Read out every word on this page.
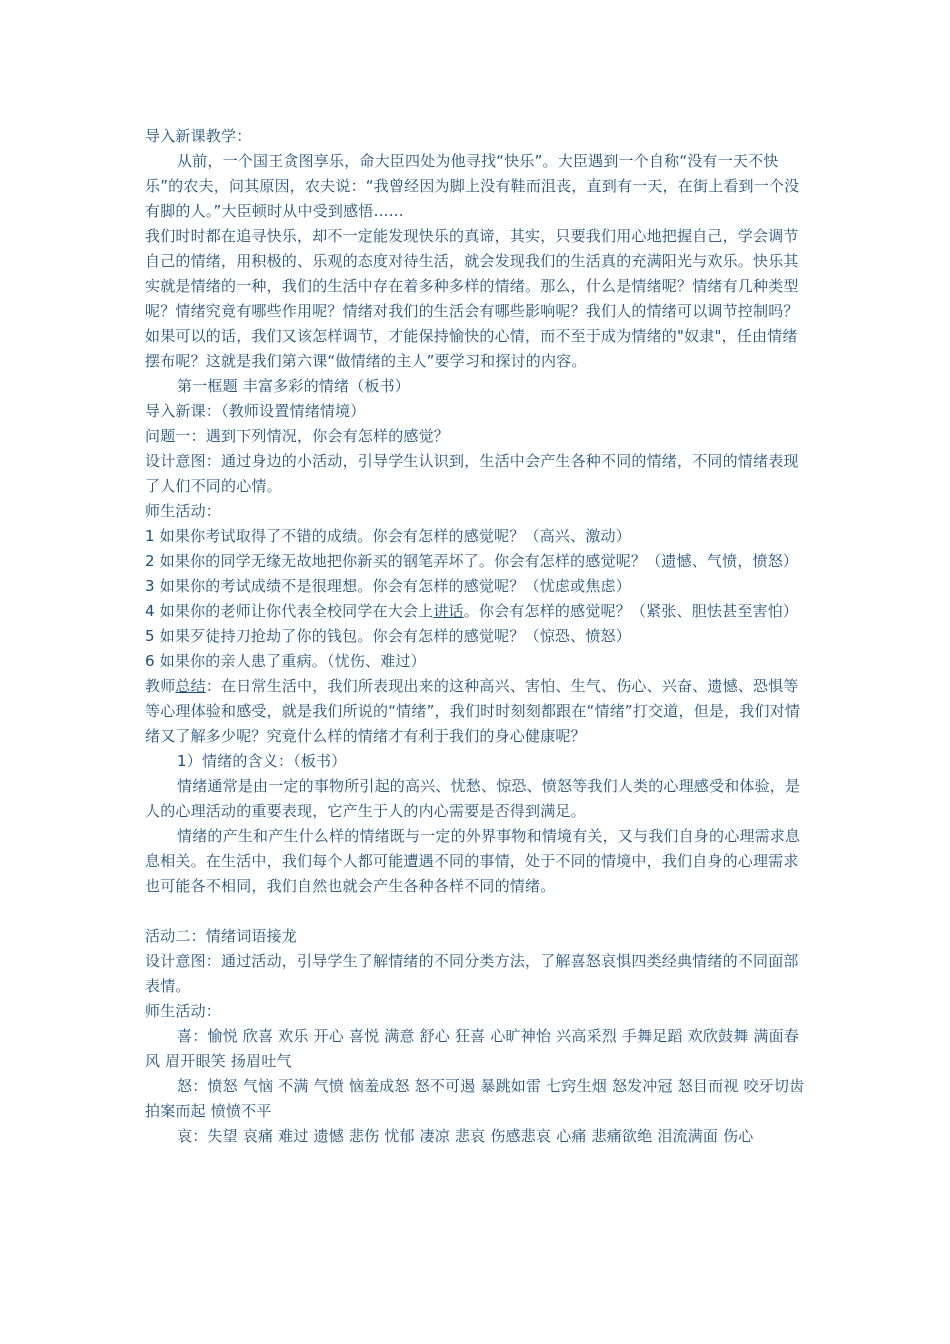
导入新课教学：

从前，一个国王贪图享乐，命大臣四处为他寻找“快乐”。大臣遇到一个自称“没有一天不快乐”的农夫，问其原因，农夫说：“我曾经因为脚上没有鞋而沮丧，直到有一天，在街上看到一个没有脚的人。”大臣顿时从中受到感悟……

我们时时都在追寻快乐，却不一定能发现快乐的真谛，其实，只要我们用心地把握自己，学会调节自己的情绪，用积极的、乐观的态度对待生活，就会发现我们的生活真的充满阳光与欢乐。快乐其实就是情绪的一种，我们的生活中存在着多种多样的情绪。那么，什么是情绪呢？情绪有几种类型呢？情绪究竟有哪些作用呢？情绪对我们的生活会有哪些影响呢？我们人的情绪可以调节控制吗？如果可以的话，我们又该怎样调节，才能保持愉快的心情，而不至于成为情绪的"奴隶"，任由情绪摆布呢？这就是我们第六课“做情绪的主人”要学习和探讨的内容。

第一框题 丰富多彩的情绪（板书）

导入新课：（教师设置情绪情境）

问题一：遇到下列情况，你会有怎样的感觉？

设计意图：通过身边的小活动，引导学生认识到，生活中会产生各种不同的情绪，不同的情绪表现了人们不同的心情。

师生活动：

1 如果你考试取得了不错的成绩。你会有怎样的感觉呢？（高兴、激动）

2 如果你的同学无缘无故地把你新买的钢笔弄坏了。你会有怎样的感觉呢？（遗憾、气愤，愤怒）

3 如果你的考试成绩不是很理想。你会有怎样的感觉呢？（忧虑或焦虑）

4 如果你的老师让你代表全校同学在大会上讲话。你会有怎样的感觉呢？（紧张、胆怯甚至害怕）

5 如果歹徒持刀抢劫了你的钱包。你会有怎样的感觉呢？（惊恐、愤怒）

6 如果你的亲人患了重病。（忧伤、难过）

教师总结：在日常生活中，我们所表现出来的这种高兴、害怕、生气、伤心、兴奋、遗憾、恐惧等等心理体验和感受，就是我们所说的“情绪”，我们时时刻刻都跟在“情绪”打交道，但是，我们对情绪又了解多少呢？究竟什么样的情绪才有利于我们的身心健康呢？

1）情绪的含义：（板书）

情绪通常是由一定的事物所引起的高兴、忧愁、惊恐、愤怒等我们人类的心理感受和体验，是人的心理活动的重要表现，它产生于人的内心需要是否得到满足。

情绪的产生和产生什么样的情绪既与一定的外界事物和情境有关，又与我们自身的心理需求息息相关。在生活中，我们每个人都可能遭遇不同的事情，处于不同的情境中，我们自身的心理需求也可能各不相同，我们自然也就会产生各种各样不同的情绪。

活动二：情绪词语接龙

设计意图：通过活动，引导学生了解情绪的不同分类方法，了解喜怒哀惧四类经典情绪的不同面部表情。

师生活动：

喜：愉悦 欣喜 欢乐 开心 喜悦 满意 舒心 狂喜 心旷神怡 兴高采烈 手舞足蹈 欢欣鼓舞 满面春风 眉开眼笑 扬眉吐气

怒：愤怒 气恼 不满 气愤 恼羞成怒 怒不可遏 暴跳如雷 七窍生烟 怒发冲冠 怒目而视 咬牙切齿 拍案而起 愤愤不平

哀：失望 哀痛 难过 遗憾 悲伤 忧郁 凄凉 悲哀 伤感悲哀 心痛 悲痛欲绝 泪流满面 伤心
